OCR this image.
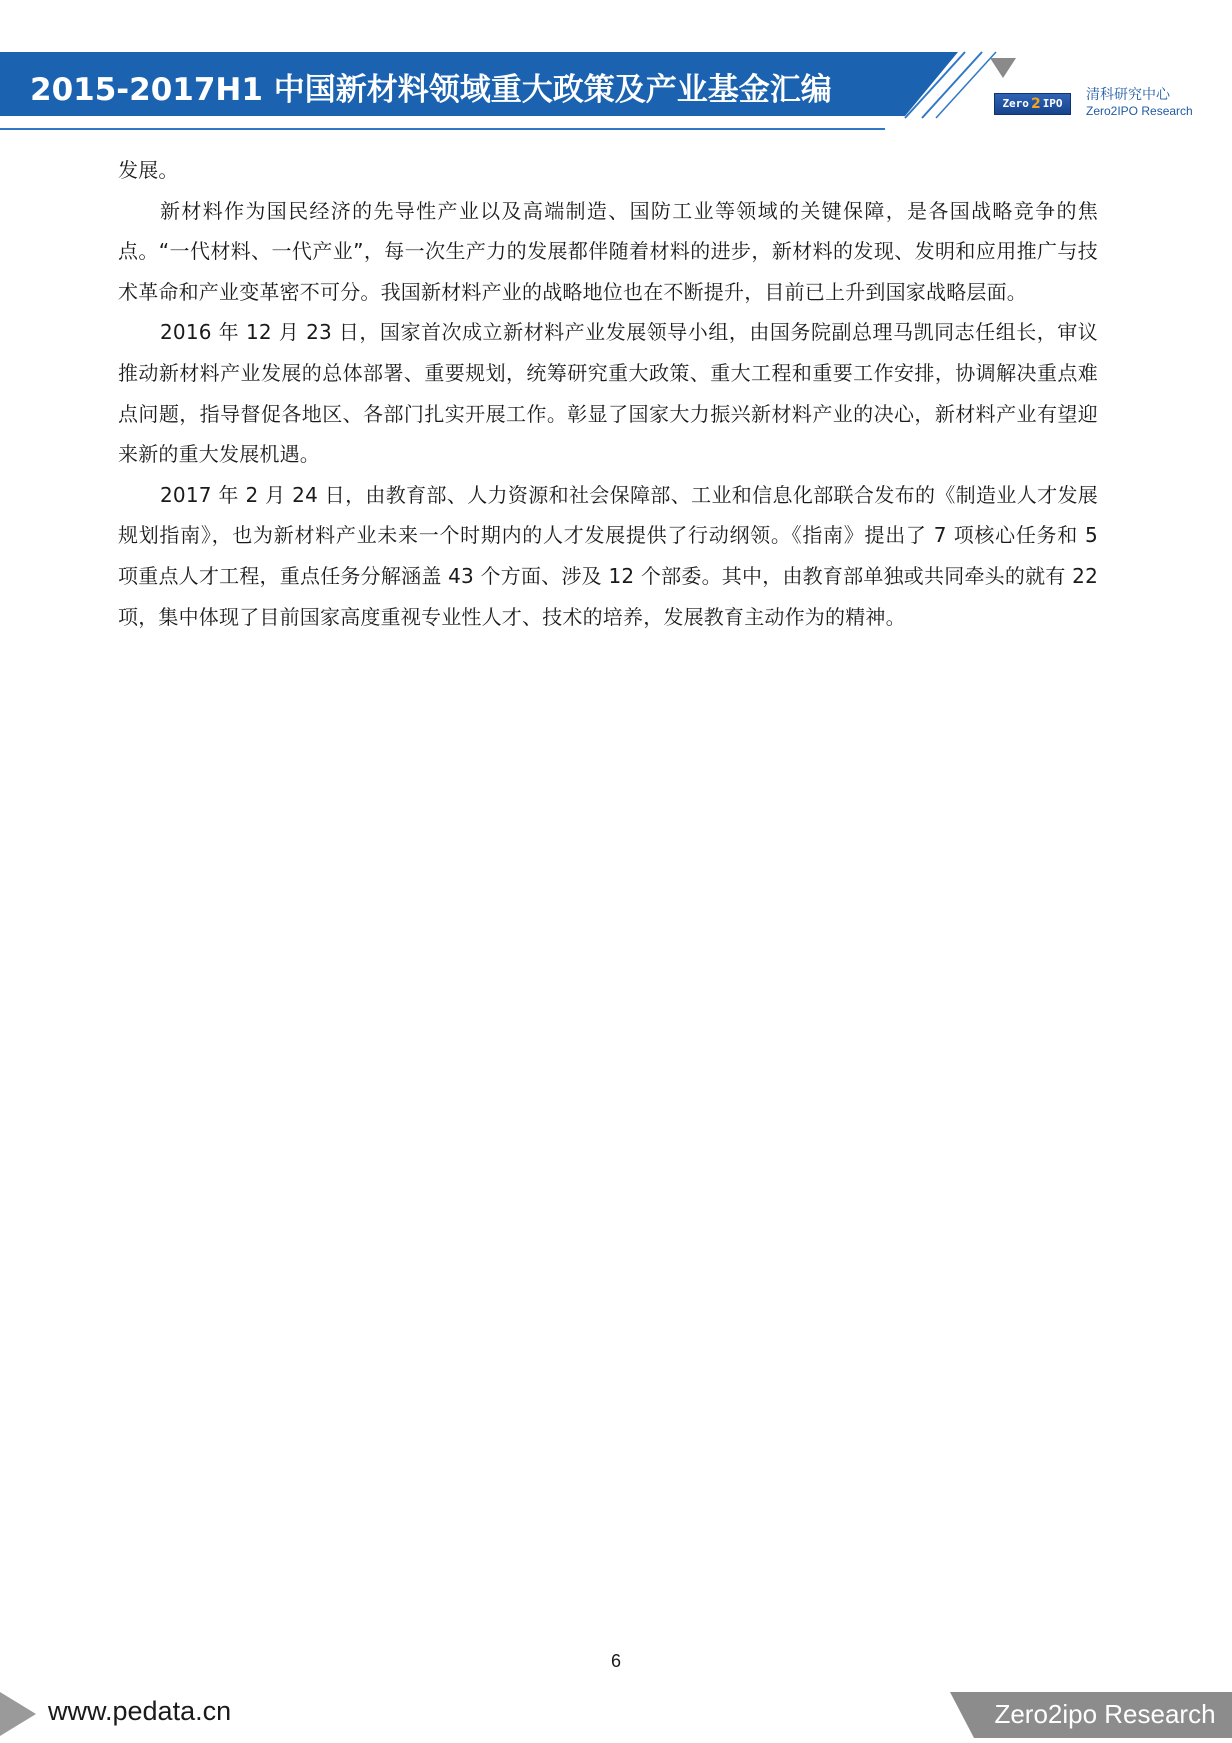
2015-2017H1 中国新材料领域重大政策及产业基金汇编	Zero 2 IPO
清科研究中心
Zero2IPO Research

发展。

新材料作为国民经济的先导性产业以及高端制造、国防工业等领域的关键保障，是各国战略竞争的焦点。“一代材料、一代产业”，每一次生产力的发展都伴随着材料的进步，新材料的发现、发明和应用推广与技术革命和产业变革密不可分。我国新材料产业的战略地位也在不断提升，目前已上升到国家战略层面。

2016 年 12 月 23 日，国家首次成立新材料产业发展领导小组，由国务院副总理马凯同志任组长，审议推动新材料产业发展的总体部署、重要规划，统筹研究重大政策、重大工程和重要工作安排，协调解决重点难点问题，指导督促各地区、各部门扎实开展工作。彰显了国家大力振兴新材料产业的决心，新材料产业有望迎来新的重大发展机遇。

2017 年 2 月 24 日，由教育部、人力资源和社会保障部、工业和信息化部联合发布的《制造业人才发展规划指南》，也为新材料产业未来一个时期内的人才发展提供了行动纲领。《指南》提出了 7 项核心任务和 5 项重点人才工程，重点任务分解涵盖 43 个方面、涉及 12 个部委。其中，由教育部单独或共同牵头的就有 22 项，集中体现了目前国家高度重视专业性人才、技术的培养，发展教育主动作为的精神。

6
www.pedata.cn	Zero2ipo Research
